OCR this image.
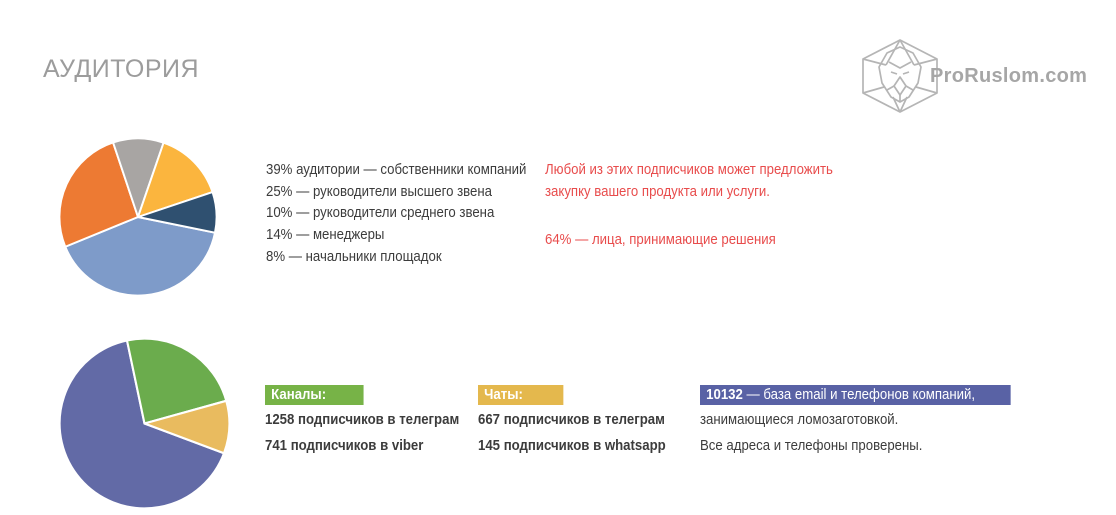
АУДИТОРИЯ	ProRuslom.com
39% аудитории — собственники компаний
25% — руководители высшего звена
10% — руководители среднего звена
14% — менеджеры
8% — начальники площадок
Любой из этих подписчиков может предложить закупку вашего продукта или услуги.
64% — лица, принимающие решения
Каналы:
1258 подписчиков в телеграм
741 подписчиков в viber
Чаты:
667 подписчиков в телеграм
145 подписчиков в whatsapp
10132 — база email и телефонов компаний,
занимающиеся ломозаготовкой.
Все адреса и телефоны проверены.
